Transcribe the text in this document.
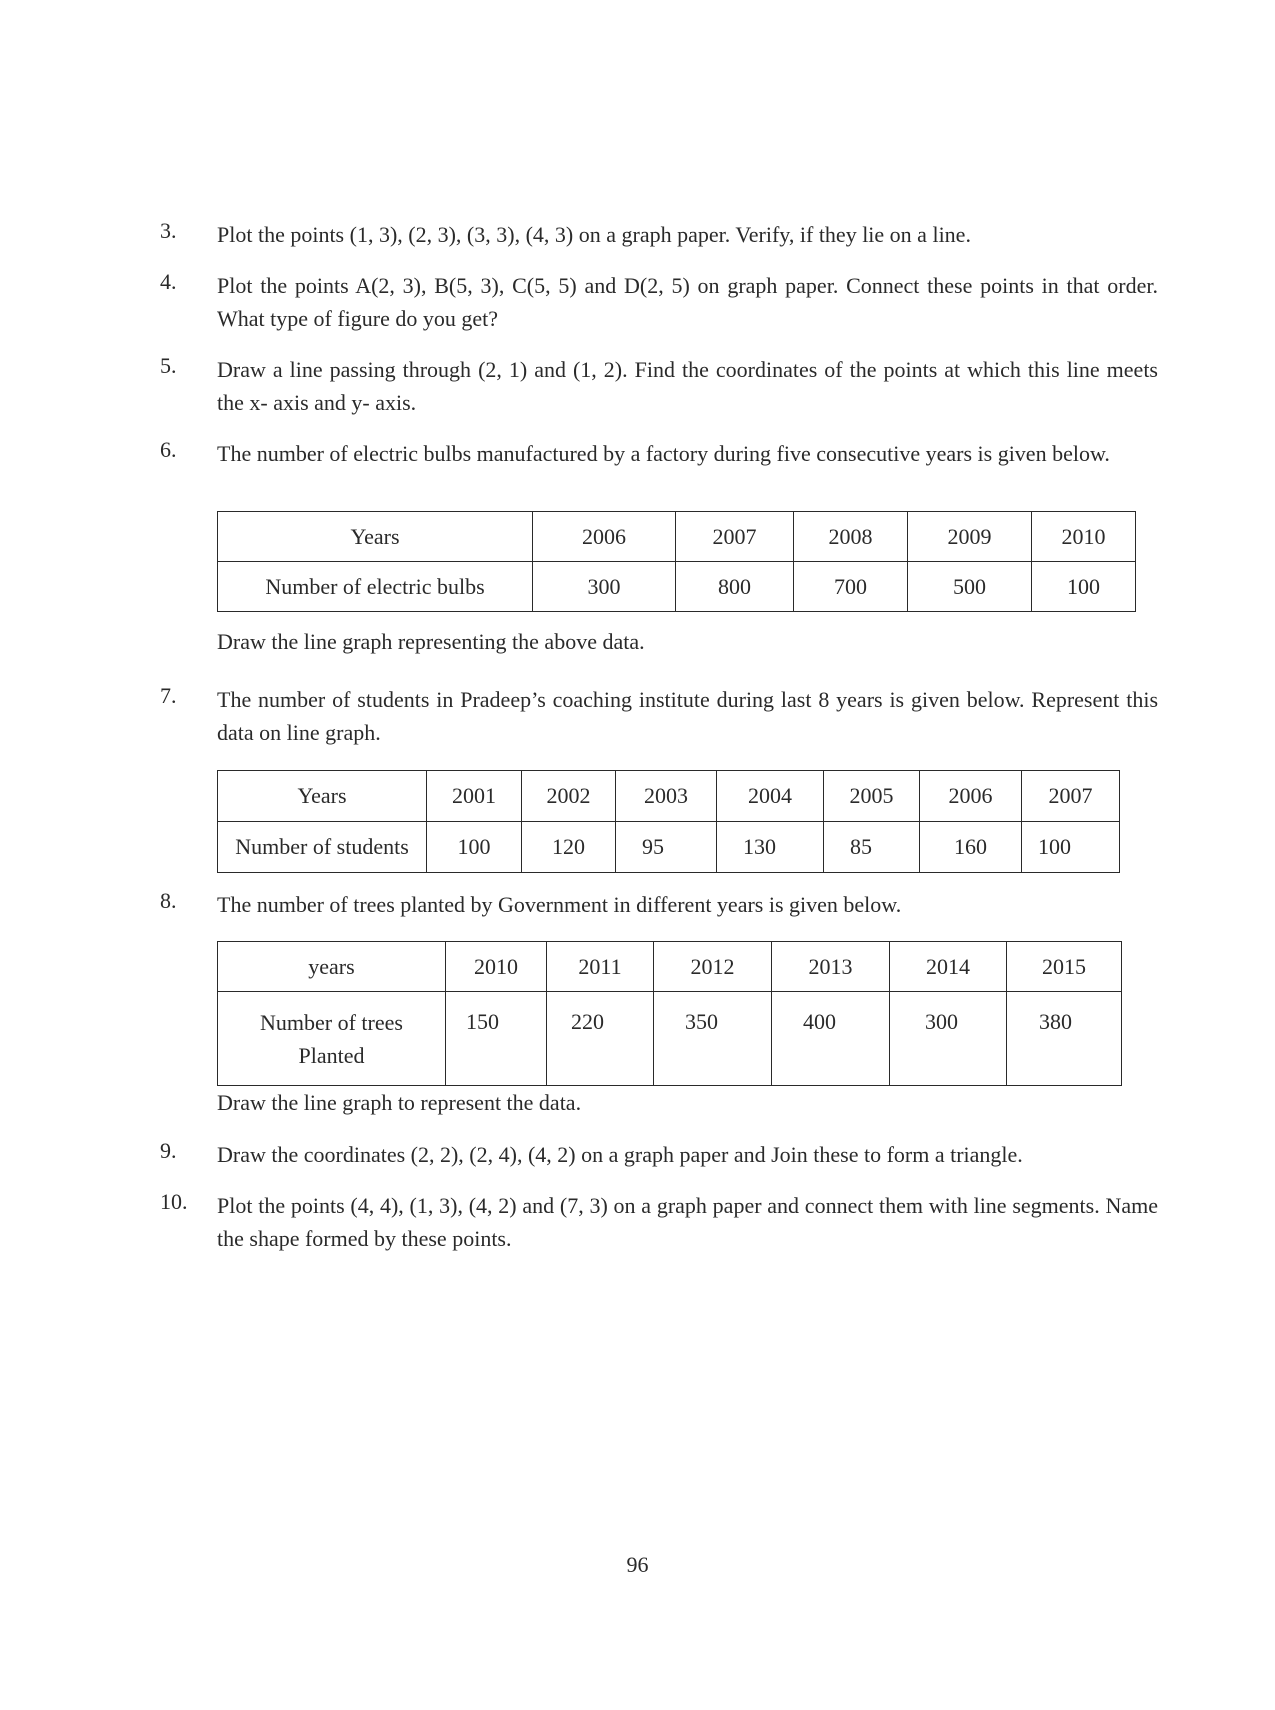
3.	Plot the points (1, 3), (2, 3), (3, 3), (4, 3) on a graph paper. Verify, if they lie on a line.

4.	Plot the points A(2, 3), B(5, 3), C(5, 5) and D(2, 5) on graph paper. Connect these points in that order. What type of figure do you get?

5.	Draw a line passing through (2, 1) and (1, 2). Find the coordinates of the points at which this line meets the x- axis and y- axis.

6.	The number of electric bulbs manufactured by a factory during five consecutive years is given below.

Years	2006	2007	2008	2009	2010
Number of electric bulbs	300	800	700	500	100
Draw the line graph representing the above data.
7.	The number of students in Pradeep’s coaching institute during last 8 years is given below. Represent this data on line graph.

Years	2001	2002	2003	2004	2005	2006	2007
Number of students	100	120	95	130	85	160	100
8.	The number of trees planted by Government in different years is given below.

years	2010	2011	2012	2013	2014	2015

Number of trees
Planted	150	220	350	400	300	380
Draw the line graph to represent the data.
9.	Draw the coordinates (2, 2), (2, 4), (4, 2) on a graph paper and Join these to form a triangle.

10.	Plot the points (4, 4), (1, 3), (4, 2) and (7, 3) on a graph paper and connect them with line segments. Name the shape formed by these points.

96
